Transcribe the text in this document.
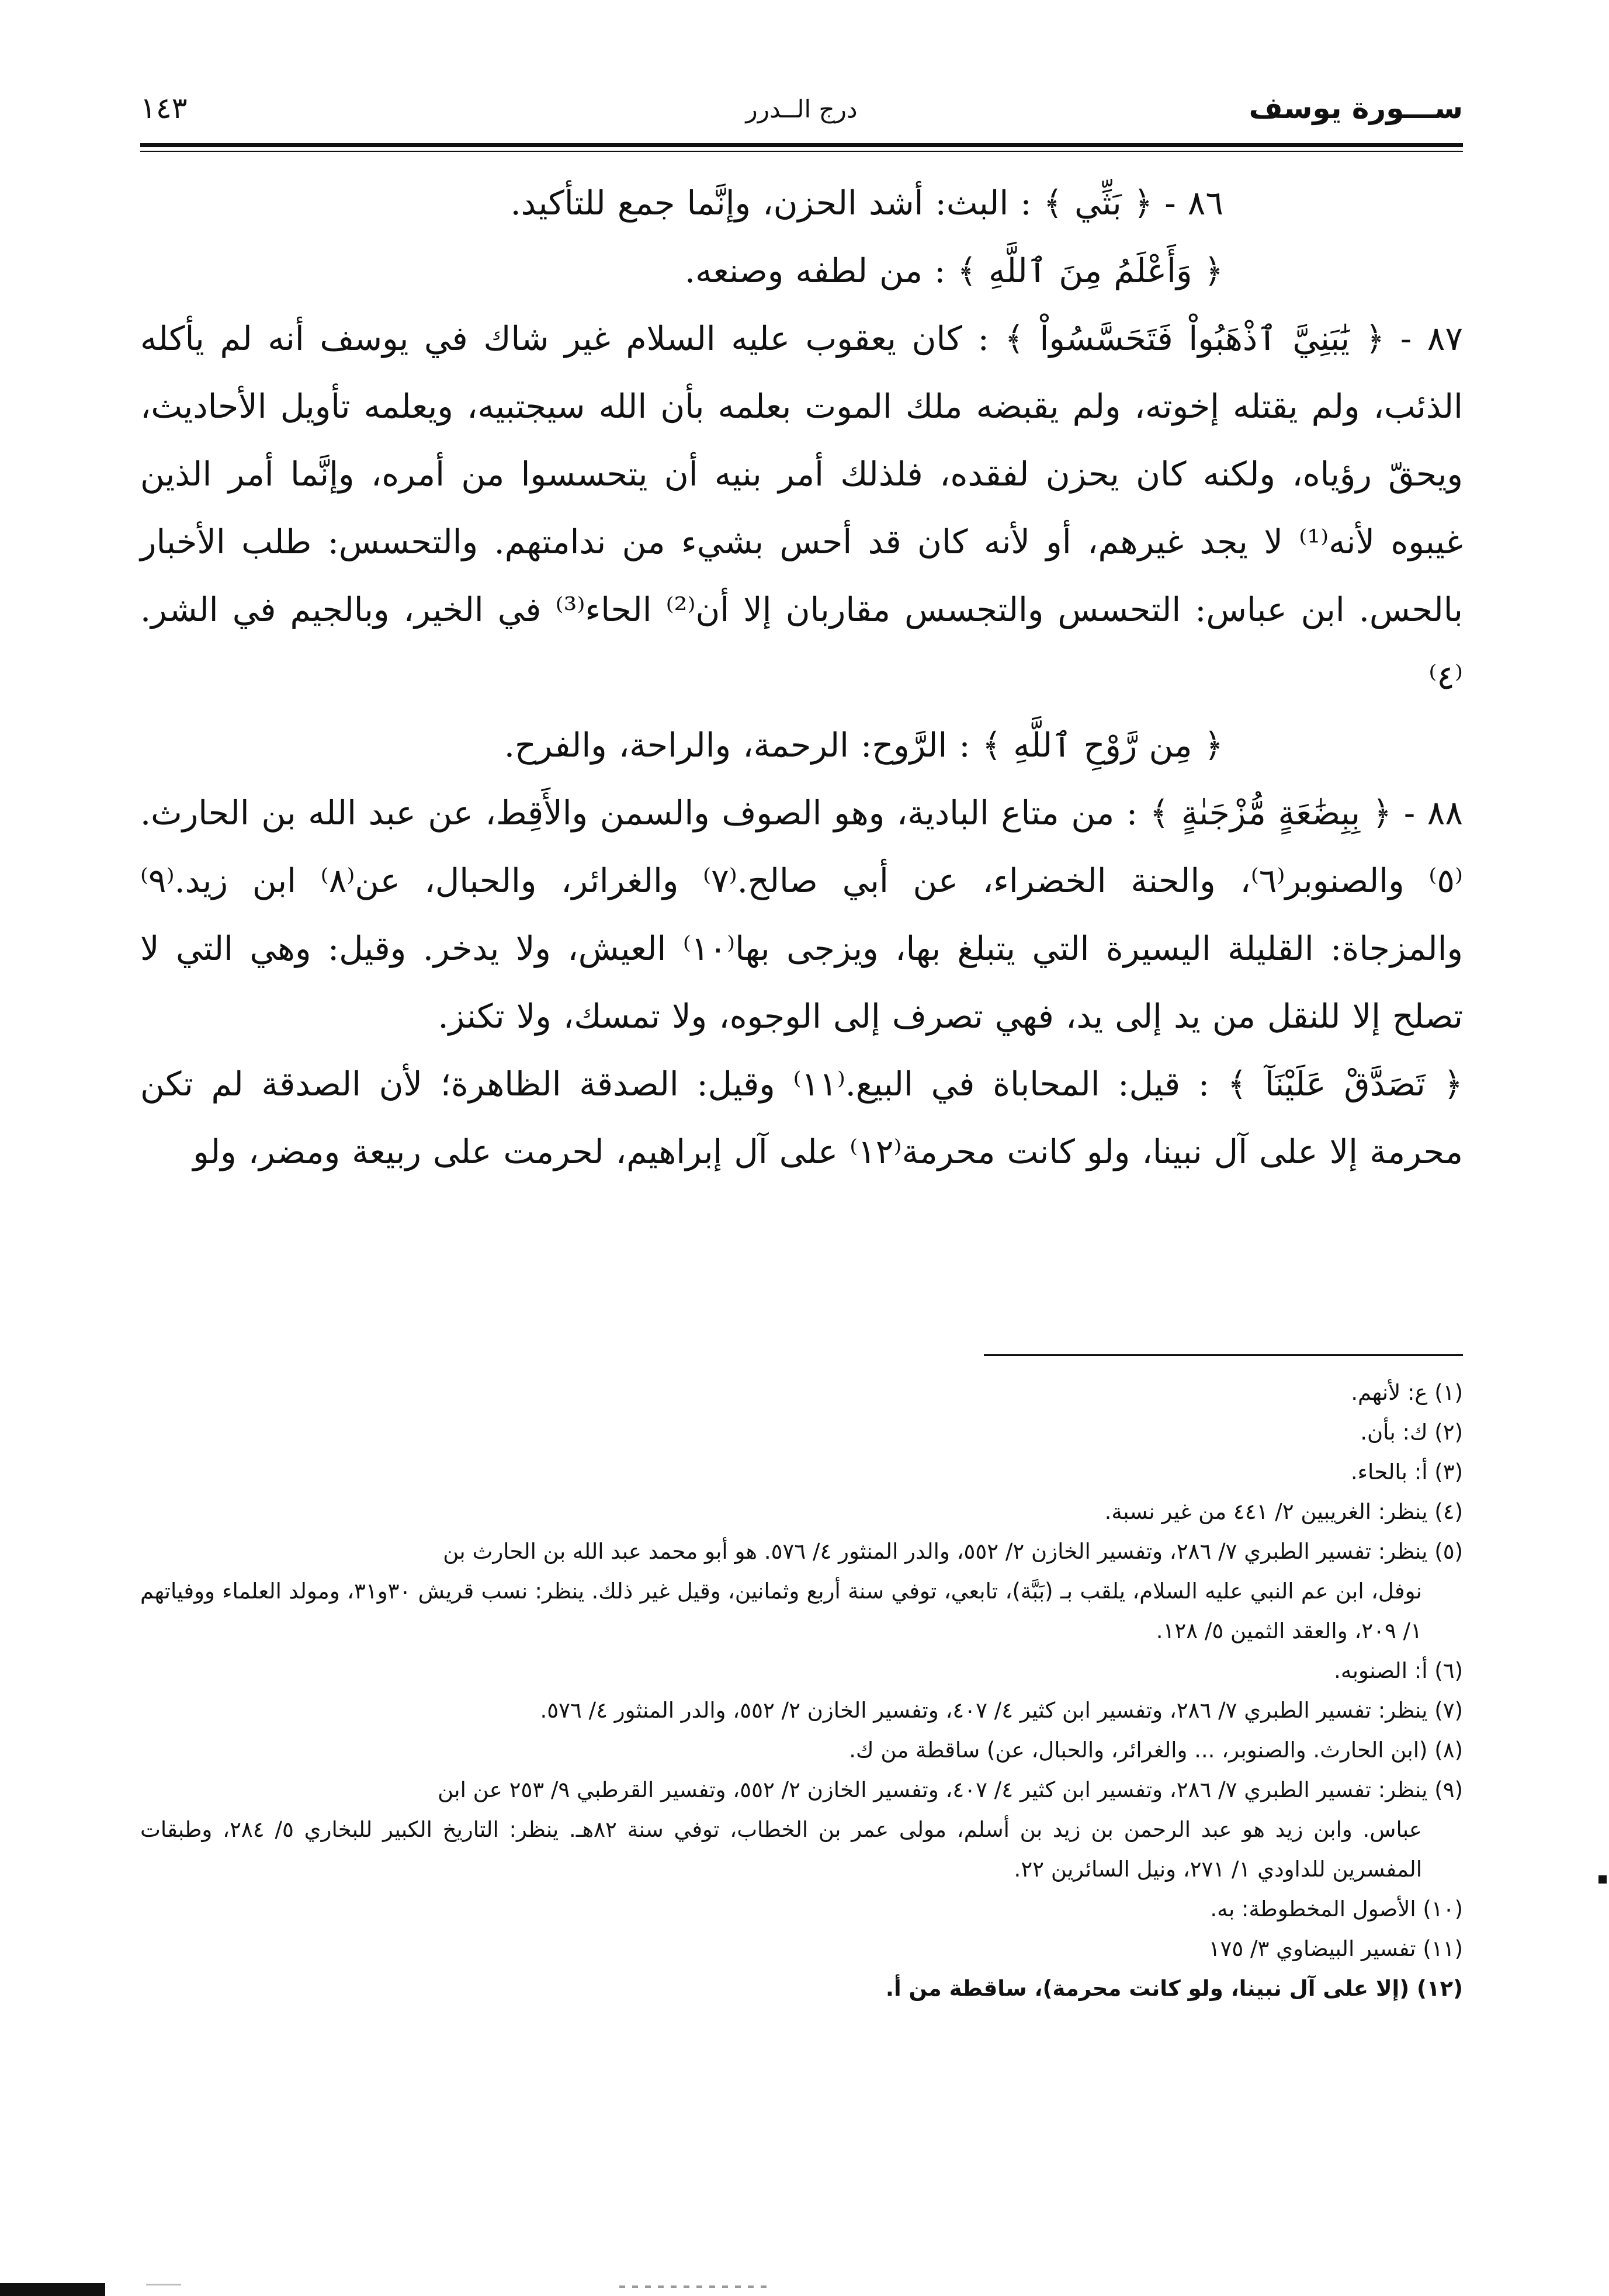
ســـورة يوسف
درج الــدرر
١٤٣

٨٦ - ﴿ بَثِّي ﴾ : البث: أشد الحزن، وإنَّما جمع للتأكيد.

﴿ وَأَعْلَمُ مِنَ ٱللَّهِ ﴾ : من لطفه وصنعه.

٨٧ - ﴿ يَٰبَنِيَّ ٱذْهَبُواْ فَتَحَسَّسُواْ ﴾ : كان يعقوب عليه السلام غير شاك في يوسف أنه لم يأكله الذئب، ولم يقتله إخوته، ولم يقبضه ملك الموت بعلمه بأن الله سيجتبيه، ويعلمه تأويل الأحاديث، ويحقّ رؤياه، ولكنه كان يحزن لفقده، فلذلك أمر بنيه أن يتحسسوا من أمره، وإنَّما أمر الذين غيبوه لأنه⁽¹⁾ لا يجد غيرهم، أو لأنه كان قد أحس بشيء من ندامتهم. والتحسس: طلب الأخبار بالحس. ابن عباس: التحسس والتجسس مقاربان إلا أن⁽²⁾ الحاء⁽³⁾ في الخير، وبالجيم في الشر.⁽٤⁾

﴿ مِن رَّوْحِ ٱللَّهِ ﴾ : الرَّوح: الرحمة، والراحة، والفرح.

٨٨ - ﴿ بِبِضَٰعَةٍ مُّزْجَىٰةٍ ﴾ : من متاع البادية، وهو الصوف والسمن والأَقِط، عن عبد الله بن الحارث.⁽٥⁾ والصنوبر⁽٦⁾، والحنة الخضراء، عن أبي صالح.⁽٧⁾ والغرائر، والحبال، عن⁽٨⁾ ابن زيد.⁽٩⁾ والمزجاة: القليلة اليسيرة التي يتبلغ بها، ويزجى بها⁽١٠⁾ العيش، ولا يدخر. وقيل: وهي التي لا تصلح إلا للنقل من يد إلى يد، فهي تصرف إلى الوجوه، ولا تمسك، ولا تكنز.

﴿ تَصَدَّقْ عَلَيْنَآ ﴾ : قيل: المحاباة في البيع.⁽١١⁾ وقيل: الصدقة الظاهرة؛ لأن الصدقة لم تكن محرمة إلا على آل نبينا، ولو كانت محرمة⁽١٢⁾ على آل إبراهيم، لحرمت على ربيعة ومضر، ولو

(١) ع: لأنهم.
(٢) ك: بأن.
(٣) أ: بالحاء.
(٤) ينظر: الغريبين ٢/ ٤٤١ من غير نسبة.
(٥) ينظر: تفسير الطبري ٧/ ٢٨٦، وتفسير الخازن ٢/ ٥٥٢، والدر المنثور ٤/ ٥٧٦. هو أبو محمد عبد الله بن الحارث بن
نوفل، ابن عم النبي عليه السلام، يلقب بـ (بَبَّة)، تابعي، توفي سنة أربع وثمانين، وقيل غير ذلك. ينظر: نسب قريش ٣٠و٣١، ومولد العلماء ووفياتهم ١/ ٢٠٩، والعقد الثمين ٥/ ١٢٨.
(٦) أ: الصنوبه.
(٧) ينظر: تفسير الطبري ٧/ ٢٨٦، وتفسير ابن كثير ٤/ ٤٠٧، وتفسير الخازن ٢/ ٥٥٢، والدر المنثور ٤/ ٥٧٦.
(٨) (ابن الحارث. والصنوبر، ... والغرائر، والحبال، عن) ساقطة من ك.
(٩) ينظر: تفسير الطبري ٧/ ٢٨٦، وتفسير ابن كثير ٤/ ٤٠٧، وتفسير الخازن ٢/ ٥٥٢، وتفسير القرطبي ٩/ ٢٥٣ عن ابن
عباس. وابن زيد هو عبد الرحمن بن زيد بن أسلم، مولى عمر بن الخطاب، توفي سنة ٨٢هـ. ينظر: التاريخ الكبير للبخاري ٥/ ٢٨٤، وطبقات المفسرين للداودي ١/ ٢٧١، ونيل السائرين ٢٢.
(١٠) الأصول المخطوطة: به.
(١١) تفسير البيضاوي ٣/ ١٧٥
(١٢) (إلا على آل نبينا، ولو كانت محرمة)، ساقطة من أ.
